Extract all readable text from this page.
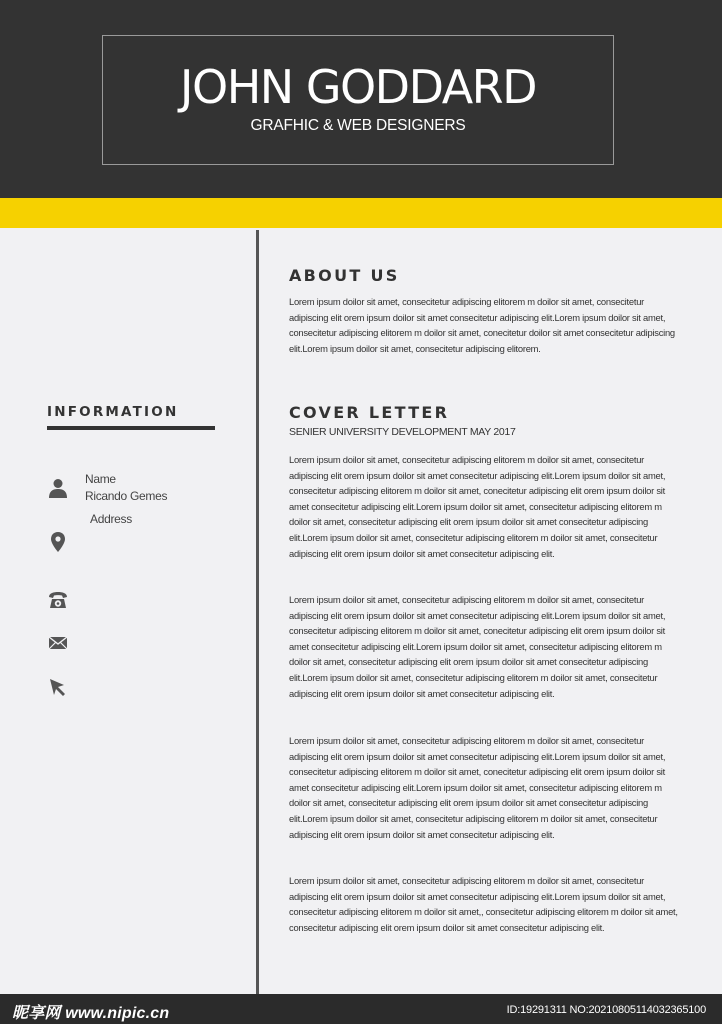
JOHN GODDARD
GRAFHIC & WEB DESIGNERS
INFORMATION
Name
Ricando Gemes
Address
ABOUT US

Lorem ipsum doilor sit amet, consecitetur adipiscing elitorem m doilor sit amet, consecitetur adipiscing elit orem ipsum doilor sit amet consecitetur adipiscing elit.Lorem ipsum doilor sit amet, consecitetur adipiscing elitorem m doilor sit amet, conecitetur doilor sit amet consecitetur adipiscing elit.Lorem ipsum doilor sit amet, consecitetur adipiscing elitorem.

COVER LETTER
SENIER UNIVERSITY DEVELOPMENT MAY 2017

Lorem ipsum doilor sit amet, consecitetur adipiscing elitorem m doilor sit amet, consecitetur adipiscing elit orem ipsum doilor sit amet consecitetur adipiscing elit.Lorem ipsum doilor sit amet, consecitetur adipiscing elitorem m doilor sit amet, conecitetur adipiscing elit orem ipsum doilor sit amet consecitetur adipiscing elit.Lorem ipsum doilor sit amet, consecitetur adipiscing elitorem m doilor sit amet, consecitetur adipiscing elit orem ipsum doilor sit amet consecitetur adipiscing elit.Lorem ipsum doilor sit amet, consecitetur adipiscing elitorem m doilor sit amet, consecitetur adipiscing elit orem ipsum doilor sit amet consecitetur adipiscing elit.

Lorem ipsum doilor sit amet, consecitetur adipiscing elitorem m doilor sit amet, consecitetur adipiscing elit orem ipsum doilor sit amet consecitetur adipiscing elit.Lorem ipsum doilor sit amet, consecitetur adipiscing elitorem m doilor sit amet, conecitetur adipiscing elit orem ipsum doilor sit amet consecitetur adipiscing elit.Lorem ipsum doilor sit amet, consecitetur adipiscing elitorem m doilor sit amet, consecitetur adipiscing elit orem ipsum doilor sit amet consecitetur adipiscing elit.Lorem ipsum doilor sit amet, consecitetur adipiscing elitorem m doilor sit amet, consecitetur adipiscing elit orem ipsum doilor sit amet consecitetur adipiscing elit.

Lorem ipsum doilor sit amet, consecitetur adipiscing elitorem m doilor sit amet, consecitetur adipiscing elit orem ipsum doilor sit amet consecitetur adipiscing elit.Lorem ipsum doilor sit amet, consecitetur adipiscing elitorem m doilor sit amet, conecitetur adipiscing elit orem ipsum doilor sit amet consecitetur adipiscing elit.Lorem ipsum doilor sit amet, consecitetur adipiscing elitorem m doilor sit amet, consecitetur adipiscing elit orem ipsum doilor sit amet consecitetur adipiscing elit.Lorem ipsum doilor sit amet, consecitetur adipiscing elitorem m doilor sit amet, consecitetur adipiscing elit orem ipsum doilor sit amet consecitetur adipiscing elit.

Lorem ipsum doilor sit amet, consecitetur adipiscing elitorem m doilor sit amet, consecitetur adipiscing elit orem ipsum doilor sit amet consecitetur adipiscing elit.Lorem ipsum doilor sit amet, consecitetur adipiscing elitorem m doilor sit amet,, consecitetur adipiscing elitorem m doilor sit amet, consecitetur adipiscing elit orem ipsum doilor sit amet consecitetur adipiscing elit.

昵享网 www.nipic.cn	ID:19291311 NO:20210805114032365100
